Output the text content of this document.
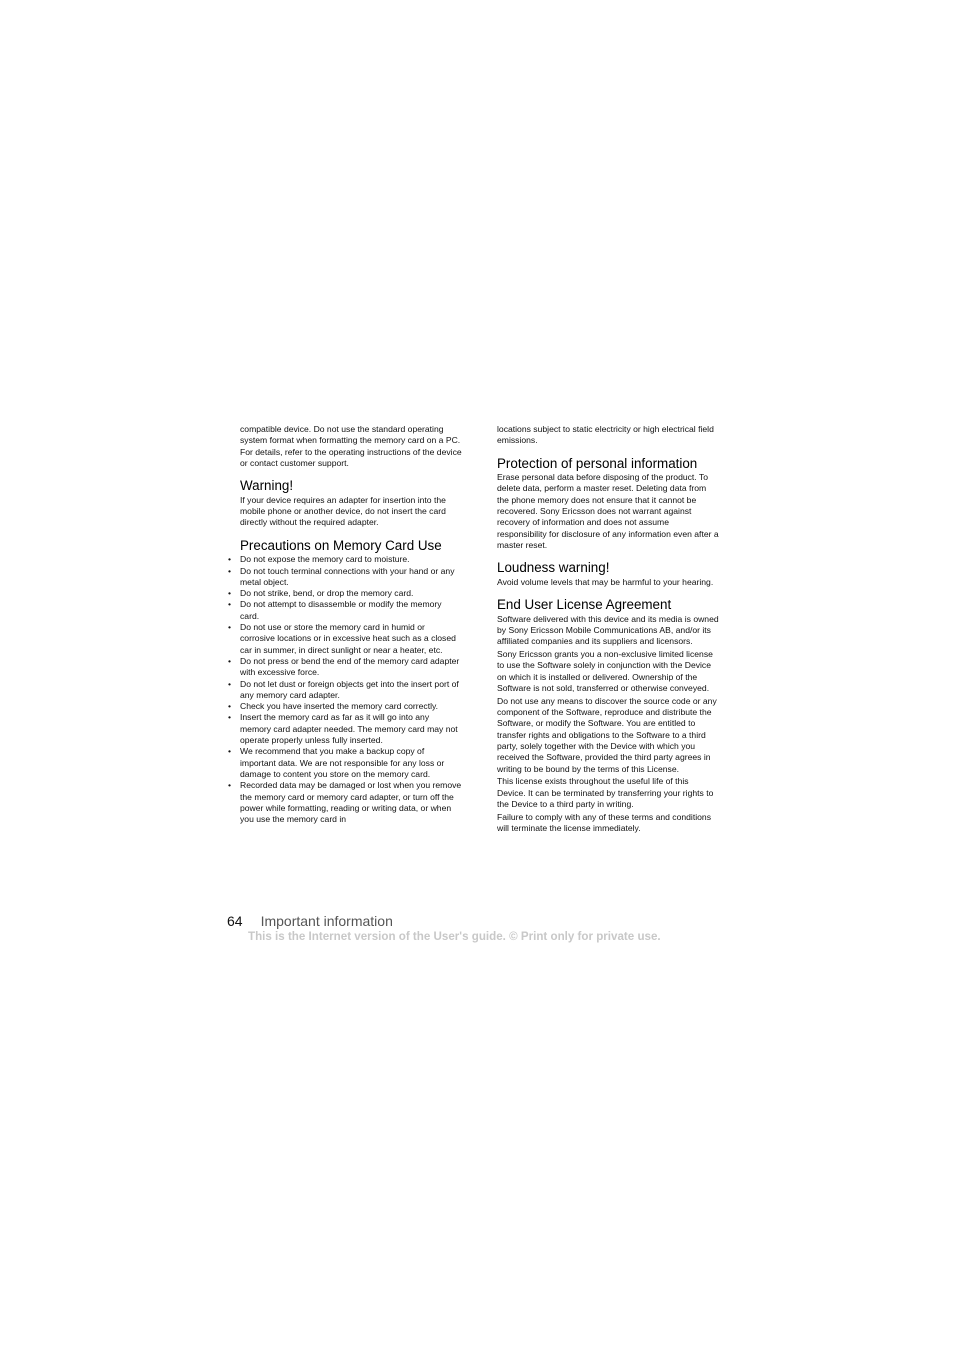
compatible device. Do not use the standard operating system format when formatting the memory card on a PC. For details, refer to the operating instructions of the device or contact customer support.

Warning!

If your device requires an adapter for insertion into the mobile phone or another device, do not insert the card directly without the required adapter.

Precautions on Memory Card Use
• Do not expose the memory card to moisture.
• Do not touch terminal connections with your hand or any metal object.
• Do not strike, bend, or drop the memory card.
• Do not attempt to disassemble or modify the memory card.
• Do not use or store the memory card in humid or corrosive locations or in excessive heat such as a closed car in summer, in direct sunlight or near a heater, etc.
• Do not press or bend the end of the memory card adapter with excessive force.
• Do not let dust or foreign objects get into the insert port of any memory card adapter.
• Check you have inserted the memory card correctly.
• Insert the memory card as far as it will go into any memory card adapter needed. The memory card may not operate properly unless fully inserted.
• We recommend that you make a backup copy of important data. We are not responsible for any loss or damage to content you store on the memory card.
• Recorded data may be damaged or lost when you remove the memory card or memory card adapter, or turn off the power while formatting, reading or writing data, or when you use the memory card in

locations subject to static electricity or high electrical field emissions.

Protection of personal information

Erase personal data before disposing of the product. To delete data, perform a master reset. Deleting data from the phone memory does not ensure that it cannot be recovered. Sony Ericsson does not warrant against recovery of information and does not assume responsibility for disclosure of any information even after a master reset.

Loudness warning!

Avoid volume levels that may be harmful to your hearing.

End User License Agreement

Software delivered with this device and its media is owned by Sony Ericsson Mobile Communications AB, and/or its affiliated companies and its suppliers and licensors.

Sony Ericsson grants you a non-exclusive limited license to use the Software solely in conjunction with the Device on which it is installed or delivered. Ownership of the Software is not sold, transferred or otherwise conveyed.

Do not use any means to discover the source code or any component of the Software, reproduce and distribute the Software, or modify the Software. You are entitled to transfer rights and obligations to the Software to a third party, solely together with the Device with which you received the Software, provided the third party agrees in writing to be bound by the terms of this License.

This license exists throughout the useful life of this Device. It can be terminated by transferring your rights to the Device to a third party in writing.

Failure to comply with any of these terms and conditions will terminate the license immediately.

64 Important information
This is the Internet version of the User's guide. © Print only for private use.
